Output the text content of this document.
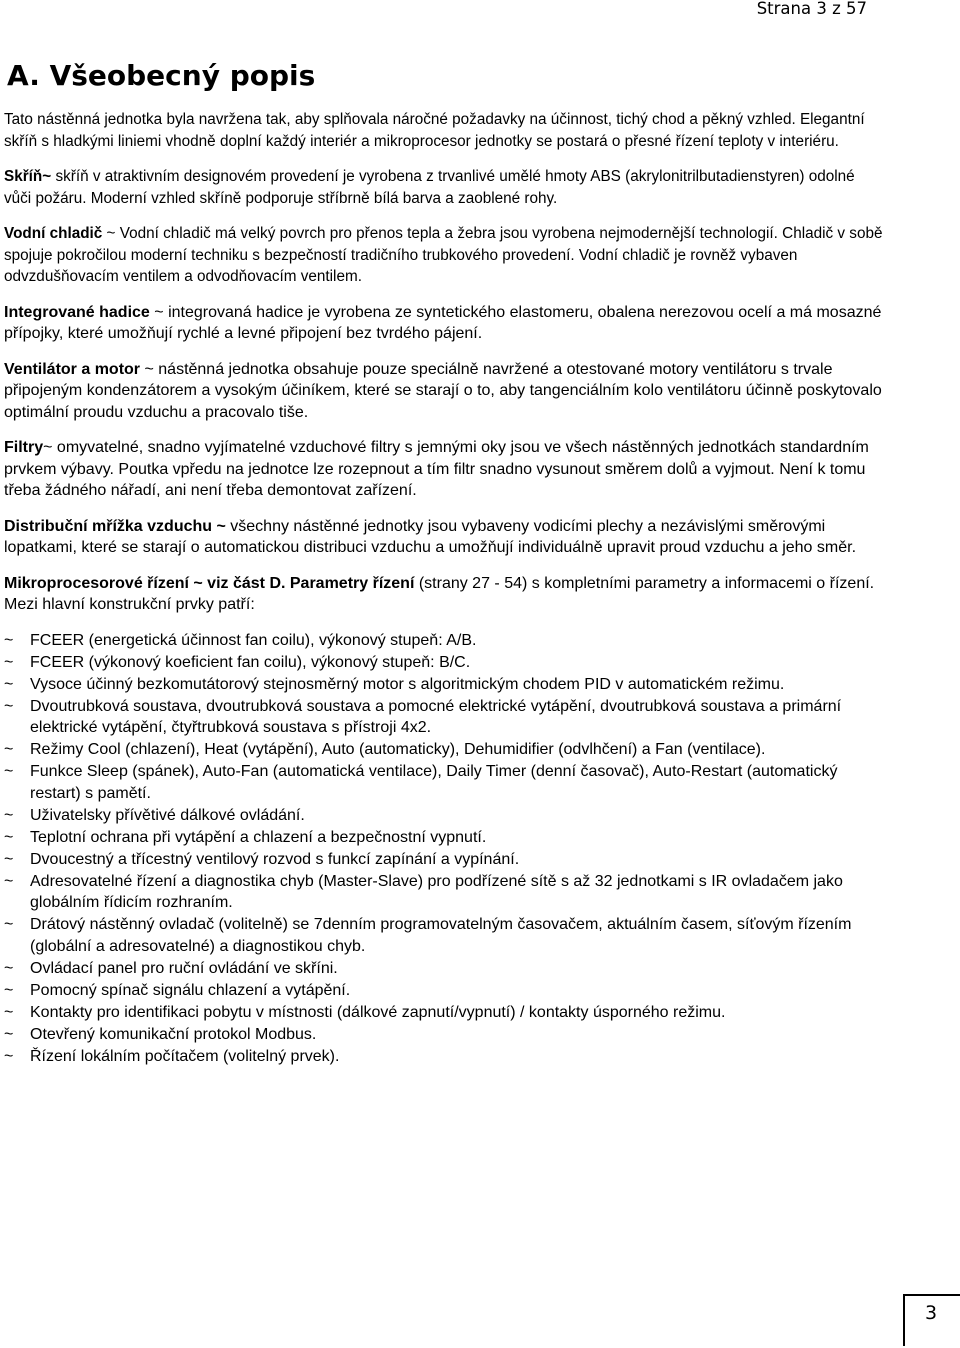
Strana 3 z 57
A. Všeobecný popis

Tato nástěnná jednotka byla navržena tak, aby splňovala náročné požadavky na účinnost, tichý chod a pěkný vzhled. Elegantní skříň s hladkými liniemi vhodně doplní každý interiér a mikroprocesor jednotky se postará o přesné řízení teploty v interiéru.

Skříň~ skříň v atraktivním designovém provedení je vyrobena z trvanlivé umělé hmoty ABS (akrylonitrilbutadienstyren) odolné vůči požáru. Moderní vzhled skříně podporuje stříbrně bílá barva a zaoblené rohy.

Vodní chladič ~ Vodní chladič má velký povrch pro přenos tepla a žebra jsou vyrobena nejmodernější technologií. Chladič v sobě spojuje pokročilou moderní techniku s bezpečností tradičního trubkového provedení. Vodní chladič je rovněž vybaven odvzdušňovacím ventilem a odvodňovacím ventilem.

Integrované hadice ~ integrovaná hadice je vyrobena ze syntetického elastomeru, obalena nerezovou ocelí a má mosazné přípojky, které umožňují rychlé a levné připojení bez tvrdého pájení.

Ventilátor a motor ~ nástěnná jednotka obsahuje pouze speciálně navržené a otestované motory ventilátoru s trvale připojeným kondenzátorem a vysokým účiníkem, které se starají o to, aby tangenciálním kolo ventilátoru účinně poskytovalo optimální proudu vzduchu a pracovalo tiše.

Filtry~ omyvatelné, snadno vyjímatelné vzduchové filtry s jemnými oky jsou ve všech nástěnných jednotkách standardním prvkem výbavy. Poutka vpředu na jednotce lze rozepnout a tím filtr snadno vysunout směrem dolů a vyjmout. Není k tomu třeba žádného nářadí, ani není třeba demontovat zařízení.

Distribuční mřížka vzduchu ~ všechny nástěnné jednotky jsou vybaveny vodicími plechy a nezávislými směrovými lopatkami, které se starají o automatickou distribuci vzduchu a umožňují individuálně upravit proud vzduchu a jeho směr.

Mikroprocesorové řízení ~ viz část D. Parametry řízení (strany 27 - 54) s kompletními parametry a informacemi o řízení. Mezi hlavní konstrukční prvky patří:

~ FCEER (energetická účinnost fan coilu), výkonový stupeň: A/B.
~ FCEER (výkonový koeficient fan coilu), výkonový stupeň: B/C.
~ Vysoce účinný bezkomutátorový stejnosměrný motor s algoritmickým chodem PID v automatickém režimu.
~ Dvoutrubková soustava, dvoutrubková soustava a pomocné elektrické vytápění, dvoutrubková soustava a primární elektrické vytápění, čtyřtrubková soustava s přístroji 4x2.
~ Režimy Cool (chlazení), Heat (vytápění), Auto (automaticky), Dehumidifier (odvlhčení) a Fan (ventilace).
~ Funkce Sleep (spánek), Auto-Fan (automatická ventilace), Daily Timer (denní časovač), Auto-Restart (automatický restart) s pamětí.
~ Uživatelsky přívětivé dálkové ovládání.
~ Teplotní ochrana při vytápění a chlazení a bezpečnostní vypnutí.
~ Dvoucestný a třícestný ventilový rozvod s funkcí zapínání a vypínání.
~ Adresovatelné řízení a diagnostika chyb (Master-Slave) pro podřízené sítě s až 32 jednotkami s IR ovladačem jako globálním řídicím rozhraním.
~ Drátový nástěnný ovladač (volitelně) se 7denním programovatelným časovačem, aktuálním časem, síťovým řízením (globální a adresovatelné) a diagnostikou chyb.
~ Ovládací panel pro ruční ovládání ve skříni.
~ Pomocný spínač signálu chlazení a vytápění.
~ Kontakty pro identifikaci pobytu v místnosti (dálkové zapnutí/vypnutí) / kontakty úsporného režimu.
~ Otevřený komunikační protokol Modbus.
~ Řízení lokálním počítačem (volitelný prvek).
3
